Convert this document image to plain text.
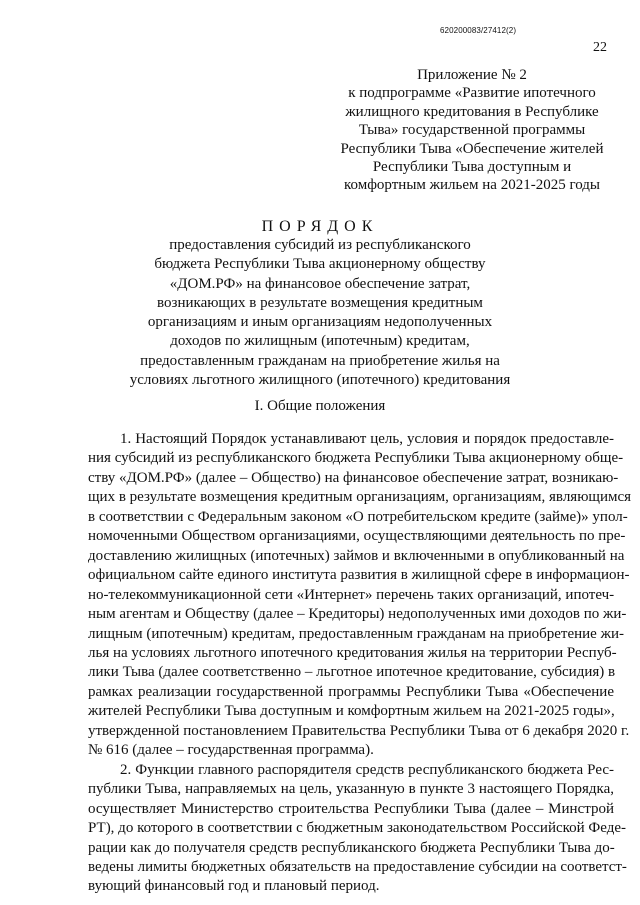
620200083/27412(2)
22
Приложение № 2
к подпрограмме «Развитие ипотечного
жилищного кредитования в Республике
Тыва» государственной программы
Республики Тыва «Обеспечение жителей
Республики Тыва доступным и
комфортным жильем на 2021-2025 годы
ПОРЯДОК
предоставления субсидий из республиканского
бюджета Республики Тыва акционерному обществу
«ДОМ.РФ» на финансовое обеспечение затрат,
возникающих в результате возмещения кредитным
организациям и иным организациям недополученных
доходов по жилищным (ипотечным) кредитам,
предоставленным гражданам на приобретение жилья на
условиях льготного жилищного (ипотечного) кредитования
I. Общие положения
1. Настоящий Порядок устанавливают цель, условия и порядок предоставле-
ния субсидий из республиканского бюджета Республики Тыва акционерному обще-
ству «ДОМ.РФ» (далее – Общество) на финансовое обеспечение затрат, возникаю-
щих в результате возмещения кредитным организациям, организациям, являющимся
в соответствии с Федеральным законом «О потребительском кредите (займе)» упол-
номоченными Обществом организациями, осуществляющими деятельность по пре-
доставлению жилищных (ипотечных) займов и включенными в опубликованный на
официальном сайте единого института развития в жилищной сфере в информацион-
но-телекоммуникационной сети «Интернет» перечень таких организаций, ипотеч-
ным агентам и Обществу (далее – Кредиторы) недополученных ими доходов по жи-
лищным (ипотечным) кредитам, предоставленным гражданам на приобретение жи-
лья на условиях льготного ипотечного кредитования жилья на территории Респуб-
лики Тыва (далее соответственно – льготное ипотечное кредитование, субсидия) в
рамках реализации государственной программы Республики Тыва «Обеспечение
жителей Республики Тыва доступным и комфортным жильем на 2021-2025 годы»,
утвержденной постановлением Правительства Республики Тыва от 6 декабря 2020 г.
№ 616 (далее – государственная программа).
2. Функции главного распорядителя средств республиканского бюджета Рес-
публики Тыва, направляемых на цель, указанную в пункте 3 настоящего Порядка,
осуществляет Министерство строительства Республики Тыва (далее – Минстрой
РТ), до которого в соответствии с бюджетным законодательством Российской Феде-
рации как до получателя средств республиканского бюджета Республики Тыва до-
ведены лимиты бюджетных обязательств на предоставление субсидии на соответст-
вующий финансовый год и плановый период.
